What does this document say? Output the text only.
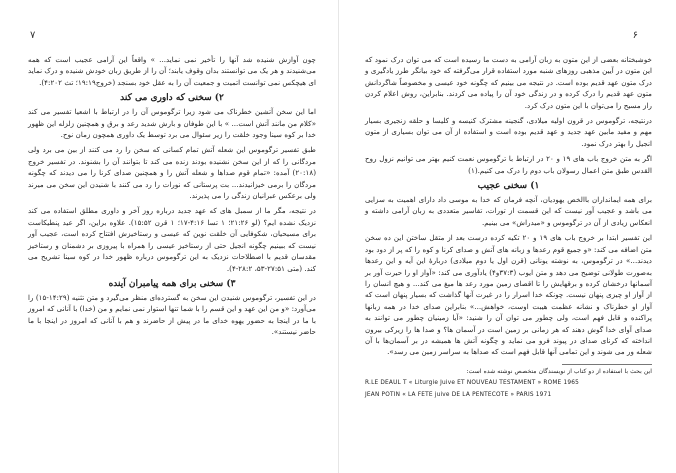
۷

چون آوازش شنیده شد آنها را تأخیر نمی نماید... » واقعاً این آرامی عجیب است که همه می‌شنیدند و هر یک می توانستند بدان وقوف یابند؛ آن را از طریق زبان خودش شنیده و درک نماید ای هیچکس نمی توانست اتمیت و جمعیت آن را به عقل خود بسنجد (خروج۱۹:۱۹؛ تث ۴:۲۰۲).

۲) سخنی که داوری می کند

اما این سخن آتشین خطرناک می شود زیرا ترگوموس آن را در ارتباط با اشعیا تفسیر می کند «کلام من مانند آتش است... » با این طوفان و بارش شدید رعد و برق و همچنین زلزله این ظهور خدا بر کوه سینا وجود خلقت را زیر سئوال می برد توسط یک داوری همچون زمان نوح.

طبق تفسیر ترگوموس این شعله آتش تمام کسانی که سخن را رد می کنند از بین می برد ولی مردگانی را که از این سخن نشنیده بودند زنده می کند تا بتوانند آن را بشنوند. در تفسیر خروج (۲۰:۱۸) آمده: «تمام قوم صداها و شعله آتش را و همچنین صدای کرنا را می دیدند که چگونه مردگان را برمی خیزانیدند... بت پرستانی که نورات را رد می کنند با شنیدن این سخن می میرند ولی برعکس عبرانیان زندگی را می پذیرند.

در نتیجه، مگر ما از سمبل های که عهد جدید درباره روز آخر و داوری مطلق استفاده می کند نزدیک نشده ایم؟ (لو ۲۱:۲۶؛ ۱ تسا ۴:۱۶-۱۷؛ ۱ قرن ۱۵:۵۲). علاوه براین، اگر عید پنطیکاست برای مسیحیان، شکوفایی آن خلقت نوین که عیسی و رستاخیزش افتتاح کرده است، عجیب آور نیست که ببینیم چگونه انجیل حتی از رستاخیز عیسی را همراه با پیروزی بر دشمنان و رستاخیز مقدسان قدیم با اصطلاحات نزدیک به این ترگوموس درباره ظهور خدا در کوه سینا تشریح می کند. (متی ۲۷:۵۱-۵۳، ۲۸:۲-۴).

۳) سخنی برای همه پیامبران آینده

در این تفسیر، ترگوموس شنیدن این سخن به گسترده‌ای منظر می‌گیرد و متن تثنیه (۱۴:۲۹-۱۵) را می‌آورد: «و من این عهد و این قسم را با شما تنها استوار نمی نمایم و من (خدا) با آنانی که امروز با ما در اینجا به حضور یهوه خدای ما در پیش از حاضرند و هم با آنانی که امروز در اینجا با ما حاضر نیستند».

۶

خوشبختانه بعضی از این متون به زبان آرامی به دست ما رسیده است که می توان درک نمود که این متون در آیین مذهبی روزهای شنبه مورد استفاده قرار می‌گرفته که خود بیانگر طرز یادگیری و درک متون عهد قدیم بوده است. در نتیجه می بینیم که چگونه خود عیسی و مخصوصاً شاگردانش متون عهد قدیم را درک کرده و در زندگی خود آن را پیاده می کردند. بنابراین، روش اعلام کردن راز مسیح را می‌توان با این متون درک کرد.

درنتیجه، ترگوموس در قرون اولیه میلادی، گنجینه مشترک کنیسه و کلیسا و حلقه زنجیری بسیار مهم و مفید مابین عهد جدید و عهد قدیم بوده است و استفاده از آن می توان بسیاری از متون انجیل را بهتر درک نمود.

اگر به متن خروج باب های ۱۹ و ۲۰ در ارتباط با ترگوموس نعمت کنیم بهتر می توانیم نزول روح القدس طبق متن اعمال رسولان باب دوم را درک می کنیم.(۱)

۱) سخنی عجیب

برای همه ایمانداران باالخص یهودیان، آنچه فرمان که خدا به موسی داد دارای اهمیت به سزایی می باشد و عجیب آور نیست که این قسمت از تورات، تفاسیر متعددی به زبان آرامی داشته و انعکاس زیادی از آن در ترگوموس و «میدراش» می بینیم.

این تفسیر ابتدا بر خروج باب های ۱۹ و ۲۰ تکیه کرده درست بعد از متقل ساختن این ده سخن متن اضافه می کند: «و جمیع قوم رعدها و زبانه های آتش و صدای کرنا و کوه را که پر از دود بود دیدند...» در ترگوموس، به نوشته یونانی (قرن اول یا دوم میلادی) دربارهٔ این آیه و این رعدها به‌صورت طولانی توضیح می دهد و متن ایوب (۳۷:۳و۴) یادآوری می کند: «آواز او را حیرت آور بر آسمانها درخشان کرده و برقهایش را تا اقصای زمین مورد رعد ها میغ می کند... و هیچ انسان را از آواز او چیزی پنهان نیست. چونکه خدا اسرار را در غیرت آنها گذاشت که بسیار پنهان است که آواز او خطرناک و نشانه عظمت هیبت اوست، خواهش...» بنابراین صدای خدا در همه زبانها پراکنده و قابل فهم است، ولی چطور می توان آن را شنید: «آیا زمینیان چطور می توانند به صدای آوای خدا گوش دهند که هر زمانی بر زمین است در آسمان ها؟ و صدا ها را زیرکی بیرون انداخته که کرنای صدای در پیوند فرو می نماید و چگونه آتش ها همیشه در بر آسمان‌ها با آن شعله ور می شوند و این تمامی آنها قابل فهم است که صداها به سراسر زمین می رسد».

این بحث با استفاده از دو کتاب از نویسندگان متخصص نوشته شده است:

R.LE DEAUL T « Liturgie Juive ET NOUVEAU TESTAMENT » ROME 1965

JEAN POTIN « LA FETE juive DE LA PENTECOTE » PARIS 1971
